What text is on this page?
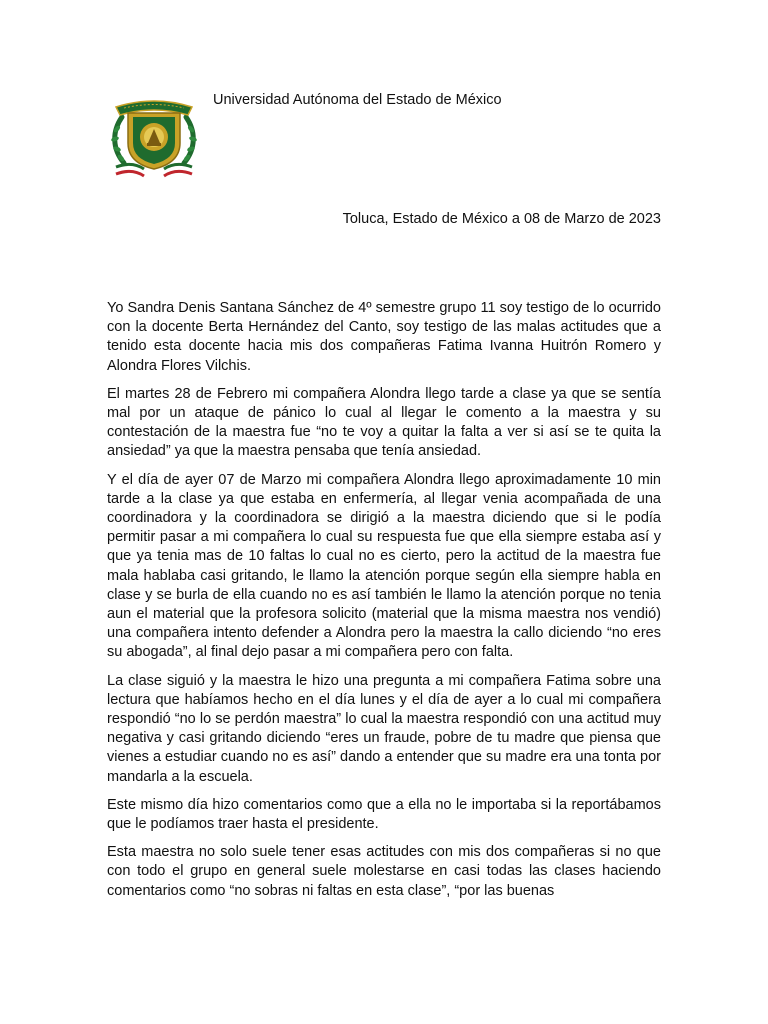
Universidad Autónoma del Estado de México
Toluca, Estado de México a 08 de Marzo de 2023

Yo Sandra Denis Santana Sánchez de 4º semestre grupo 11 soy testigo de lo ocurrido con la docente Berta Hernández del Canto, soy testigo de las malas actitudes que a tenido esta docente hacia mis dos compañeras Fatima Ivanna Huitrón Romero y Alondra Flores Vilchis.

El martes 28 de Febrero mi compañera Alondra llego tarde a clase ya que se sentía mal por un ataque de pánico lo cual al llegar le comento a la maestra y su contestación de la maestra fue “no te voy a quitar la falta a ver si así se te quita la ansiedad” ya que la maestra pensaba que tenía ansiedad.

Y el día de ayer 07 de Marzo mi compañera Alondra llego aproximadamente 10 min tarde a la clase ya que estaba en enfermería, al llegar venia acompañada de una coordinadora y la coordinadora se dirigió a la maestra diciendo que si le podía permitir pasar a mi compañera lo cual su respuesta fue que ella siempre estaba así y que ya tenia mas de 10 faltas lo cual no es cierto, pero la actitud de la maestra fue mala hablaba casi gritando, le llamo la atención porque según ella siempre habla en clase y se burla de ella cuando no es así también le llamo la atención porque no tenia aun el material que la profesora solicito (material que la misma maestra nos vendió) una compañera intento defender a Alondra pero la maestra la callo diciendo “no eres su abogada”, al final dejo pasar a mi compañera pero con falta.

La clase siguió y la maestra le hizo una pregunta a mi compañera Fatima sobre una lectura que habíamos hecho en el día lunes y el día de ayer a lo cual mi compañera respondió “no lo se perdón maestra” lo cual la maestra respondió con una actitud muy negativa y casi gritando diciendo “eres un fraude, pobre de tu madre que piensa que vienes a estudiar cuando no es así” dando a entender que su madre era una tonta por mandarla a la escuela.

Este mismo día hizo comentarios como que a ella no le importaba si la reportábamos que le podíamos traer hasta el presidente.

Esta maestra no solo suele tener esas actitudes con mis dos compañeras si no que con todo el grupo en general suele molestarse en casi todas las clases haciendo comentarios como “no sobras ni faltas en esta clase”, “por las buenas
